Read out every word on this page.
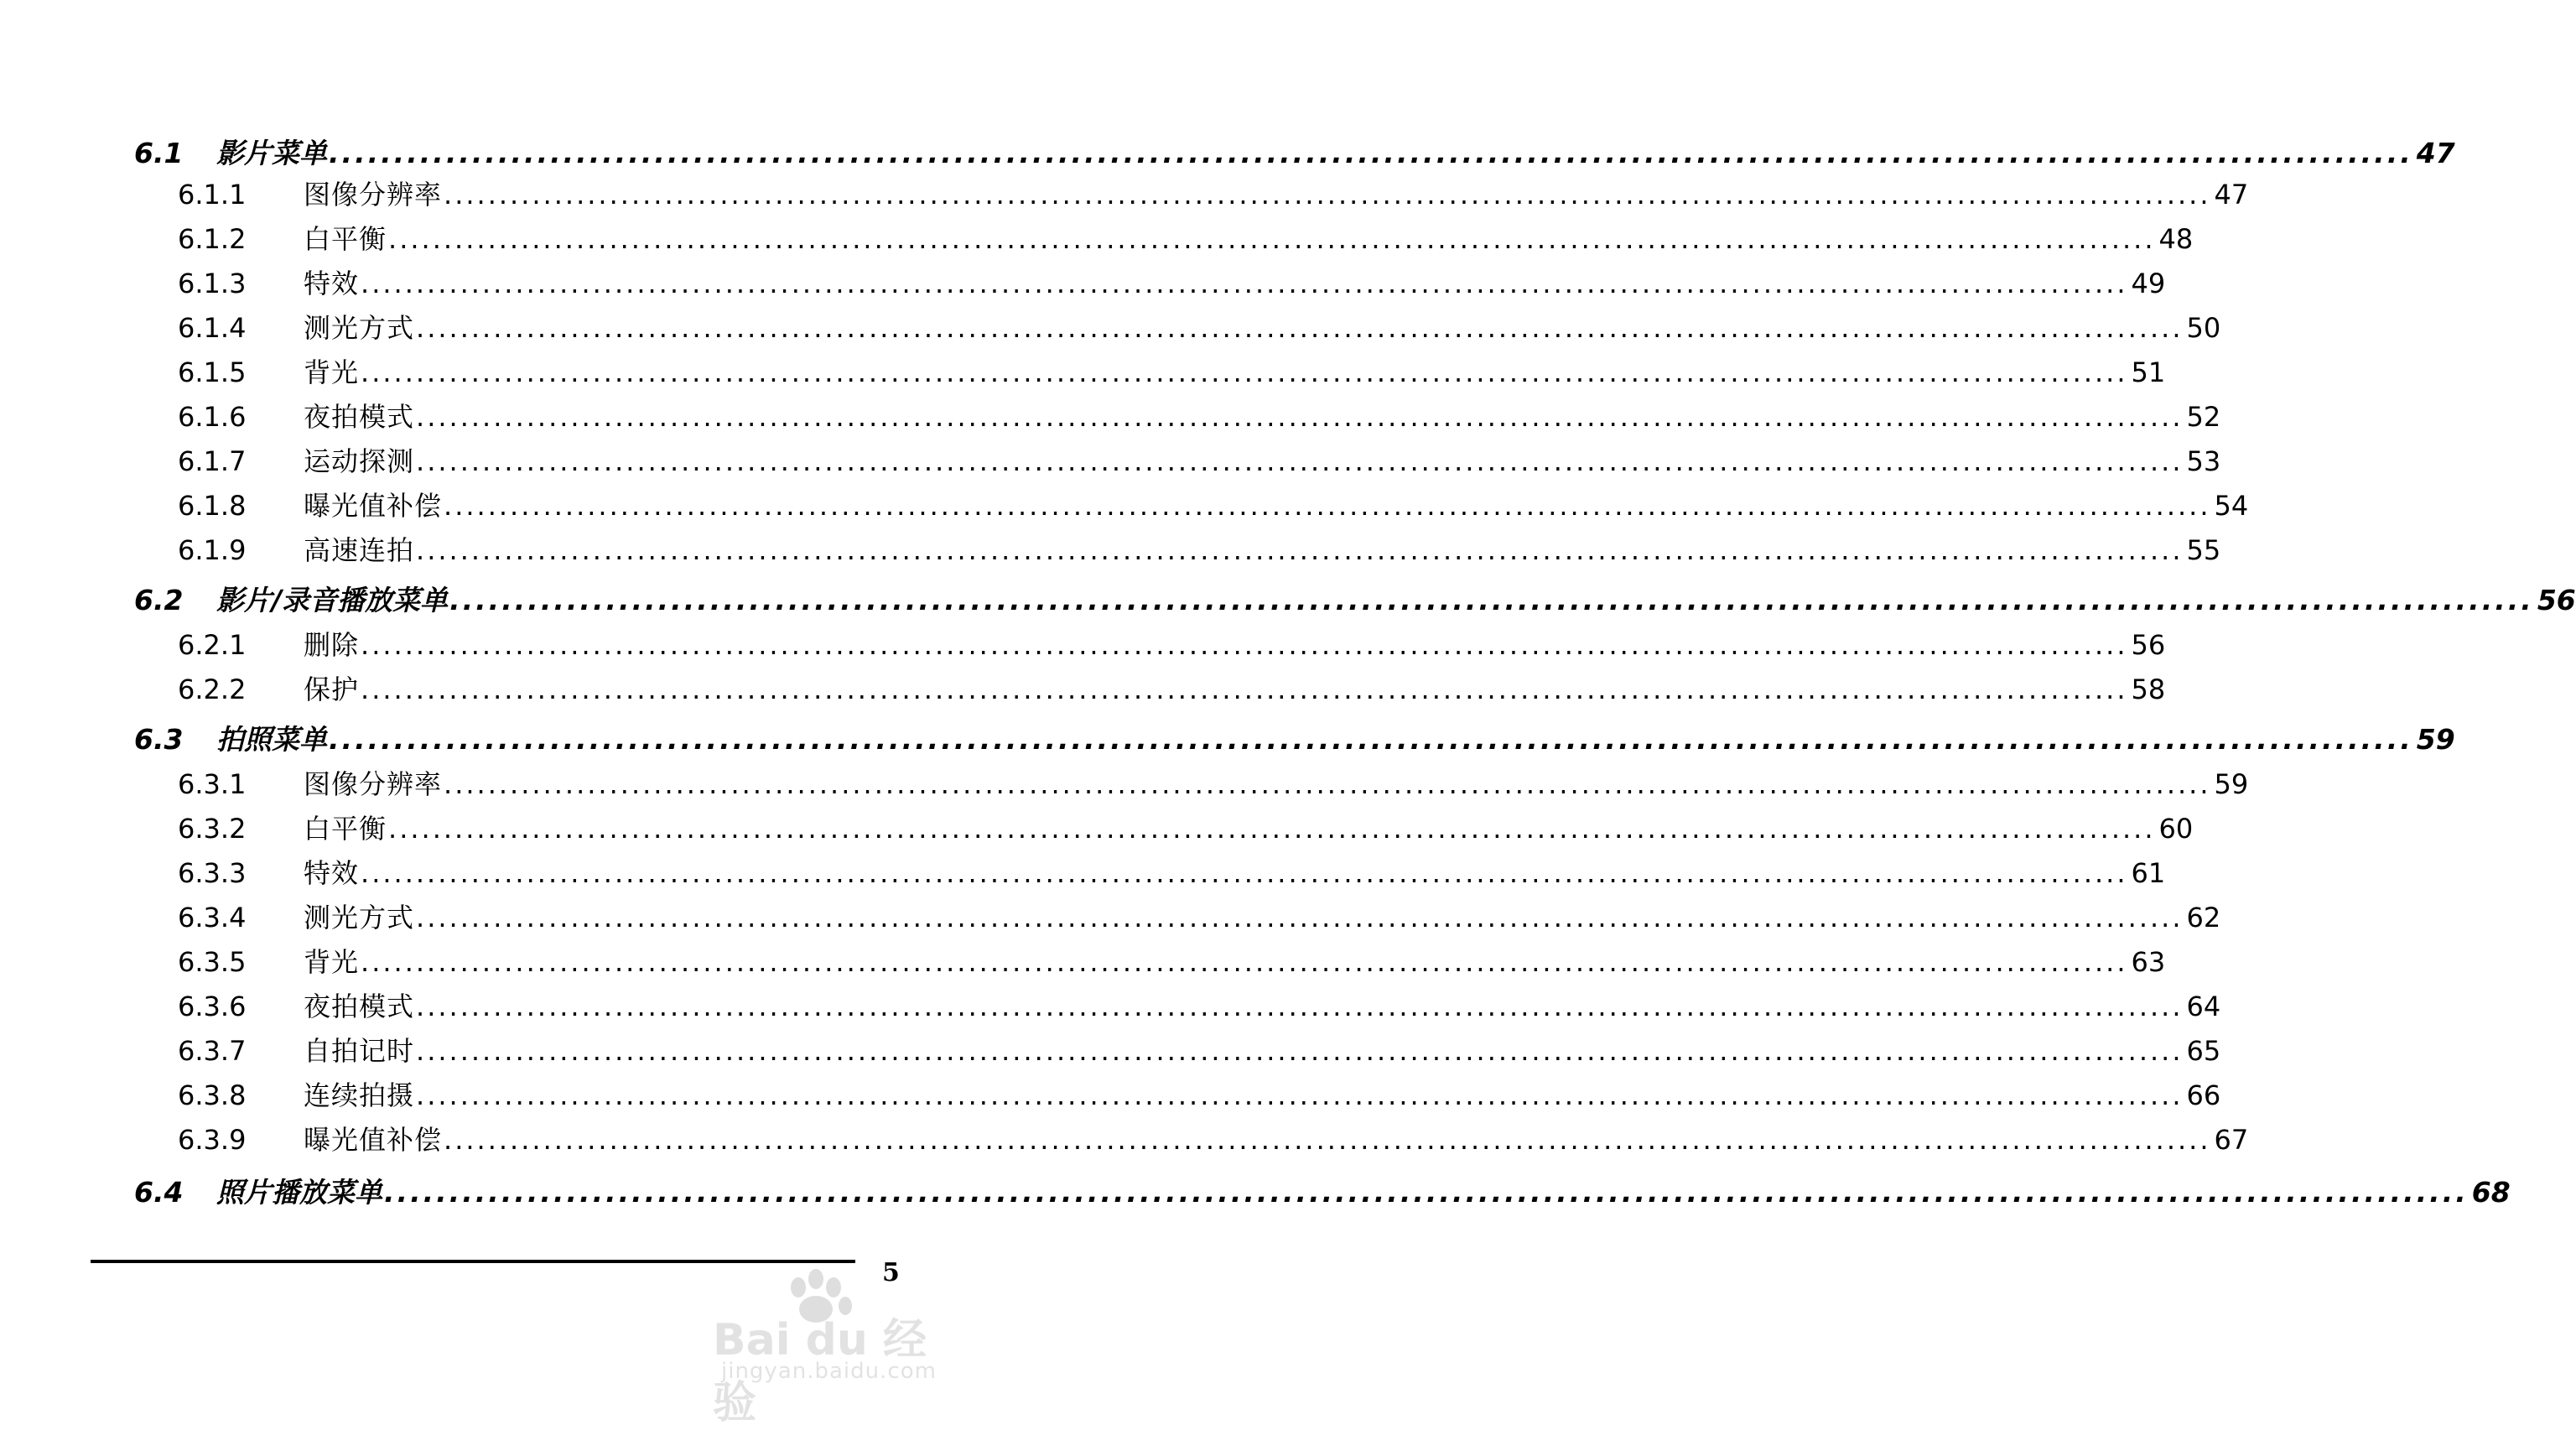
6.1	影片菜单 ................................................................................................................................................................ 47
6.1.1	图像分辨率 ................................................................................................................................................................ 47
6.1.2	白平衡 ................................................................................................................................................................ 48
6.1.3	特效 ................................................................................................................................................................ 49
6.1.4	测光方式 ................................................................................................................................................................ 50
6.1.5	背光 ................................................................................................................................................................ 51
6.1.6	夜拍模式 ................................................................................................................................................................ 52
6.1.7	运动探测 ................................................................................................................................................................ 53
6.1.8	曝光值补偿 ................................................................................................................................................................ 54
6.1.9	高速连拍 ................................................................................................................................................................ 55
6.2	影片/录音播放菜单 ................................................................................................................................................................ 56
6.2.1	删除 ................................................................................................................................................................ 56
6.2.2	保护 ................................................................................................................................................................ 58
6.3	拍照菜单 ................................................................................................................................................................ 59
6.3.1	图像分辨率 ................................................................................................................................................................ 59
6.3.2	白平衡 ................................................................................................................................................................ 60
6.3.3	特效 ................................................................................................................................................................ 61
6.3.4	测光方式 ................................................................................................................................................................ 62
6.3.5	背光 ................................................................................................................................................................ 63
6.3.6	夜拍模式 ................................................................................................................................................................ 64
6.3.7	自拍记时 ................................................................................................................................................................ 65
6.3.8	连续拍摄 ................................................................................................................................................................ 66
6.3.9	曝光值补偿 ................................................................................................................................................................ 67
6.4	照片播放菜单 ................................................................................................................................................................ 68
5
Bai du 经验
jingyan.baidu.com
